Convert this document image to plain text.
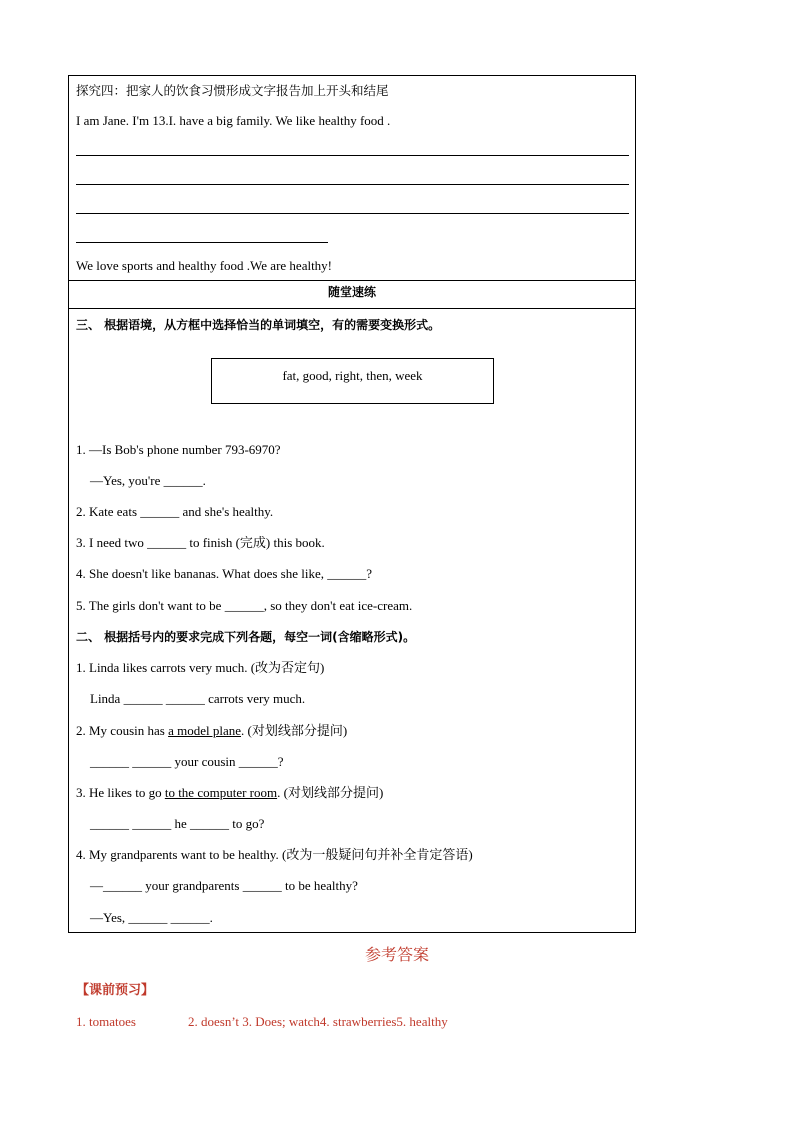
探究四：把家人的饮食习惯形成文字报告加上开头和结尾
I am Jane. I'm 13.I. have a big family. We like healthy food .
We love sports and healthy food .We are healthy!
随堂速练
三、 根据语境，从方框中选择恰当的单词填空，有的需要变换形式。
fat, good, right, then, week
1. —Is Bob's phone number 793-6970?
—Yes, you're ______.
2. Kate eats ______ and she's healthy.
3. I need two ______ to finish (完成) this book.
4. She doesn't like bananas. What does she like, ______?
5. The girls don't want to be ______, so they don't eat ice-cream.
二、 根据括号内的要求完成下列各题，每空一词(含缩略形式)。
1. Linda likes carrots very much. (改为否定句)
Linda ______ ______ carrots very much.
2. My cousin has a model plane. (对划线部分提问)
______ ______ your cousin ______?
3. He likes to go to the computer room. (对划线部分提问)
______ ______ he ______ to go?
4. My grandparents want to be healthy. (改为一般疑问句并补全肯定答语)
—______ your grandparents ______ to be healthy?
—Yes, ______ ______.
参考答案
【课前预习】
1. tomatoes	2. doesn’t 3. Does; watch4. strawberries5. healthy
